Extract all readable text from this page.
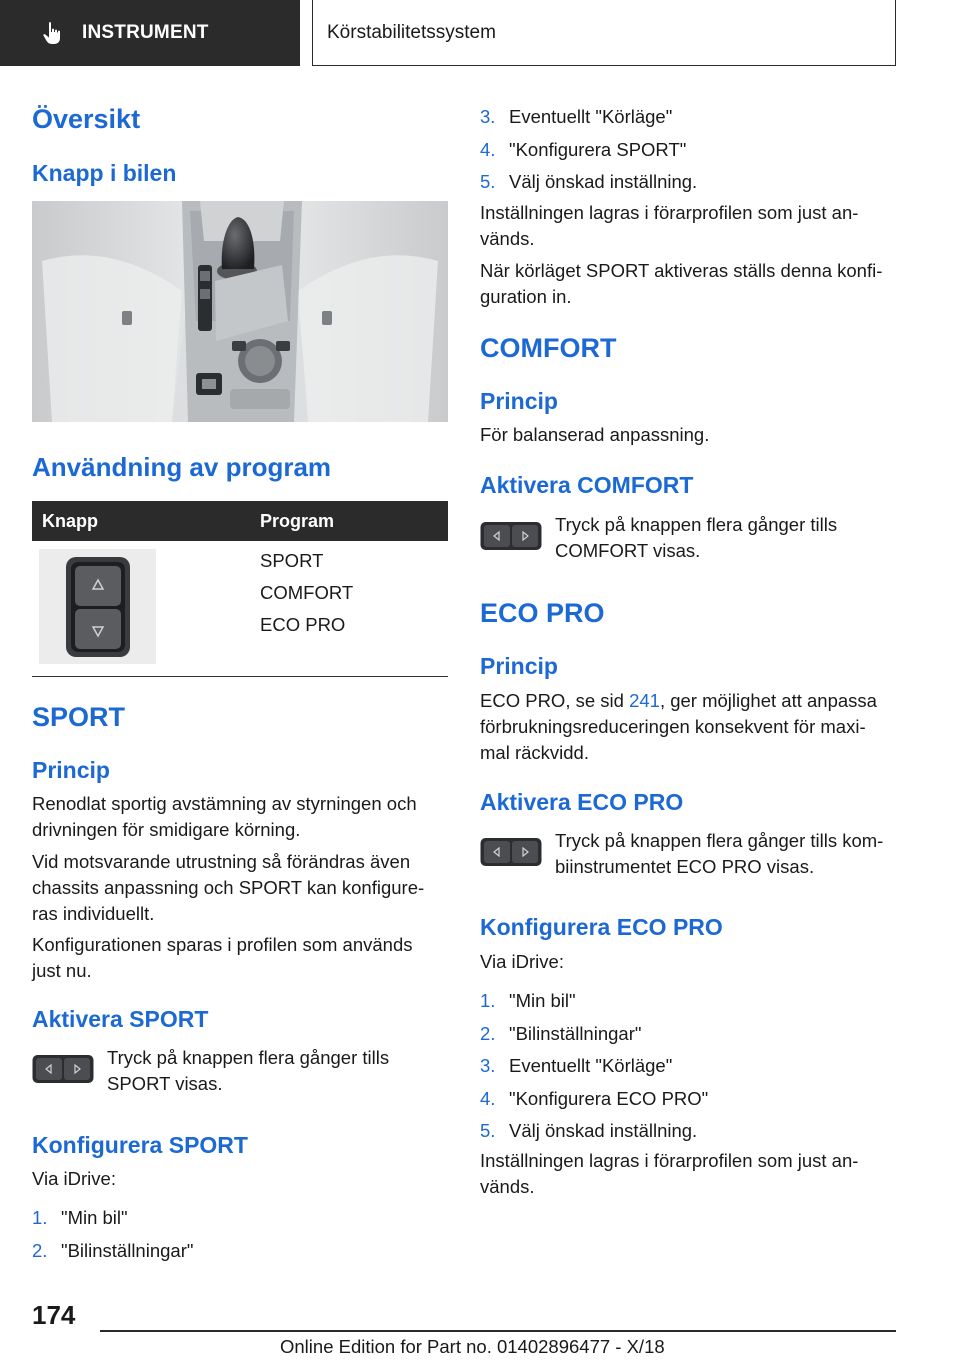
INSTRUMENT	Körstabilitetssystem
Översikt
Knapp i bilen
Användning av program
Knapp	Program
SPORT
COMFORT
ECO PRO
SPORT
Princip
Renodlat sportig avstämning av styrningen och
drivningen för smidigare körning.
Vid motsvarande utrustning så förändras även
chassits anpassning och SPORT kan konfigure-
ras individuellt.
Konfigurationen sparas i profilen som används
just nu.
Aktivera SPORT
Tryck på knappen flera gånger tills
SPORT visas.
Konfigurera SPORT
Via iDrive:
1. "Min bil"
2. "Bilinställningar"
3. Eventuellt "Körläge"
4. "Konfigurera SPORT"
5. Välj önskad inställning.
Inställningen lagras i förarprofilen som just an-
vänds.
När körläget SPORT aktiveras ställs denna konfi-
guration in.
COMFORT
Princip
För balanserad anpassning.
Aktivera COMFORT
Tryck på knappen flera gånger tills
COMFORT visas.
ECO PRO
Princip
ECO PRO, se sid 241, ger möjlighet att anpassa
förbrukningsreduceringen konsekvent för maxi-
mal räckvidd.
Aktivera ECO PRO
Tryck på knappen flera gånger tills kom-
biinstrumentet ECO PRO visas.
Konfigurera ECO PRO
Via iDrive:
1. "Min bil"
2. "Bilinställningar"
3. Eventuellt "Körläge"
4. "Konfigurera ECO PRO"
5. Välj önskad inställning.
Inställningen lagras i förarprofilen som just an-
vänds.
174
Online Edition for Part no. 01402896477 - X/18
